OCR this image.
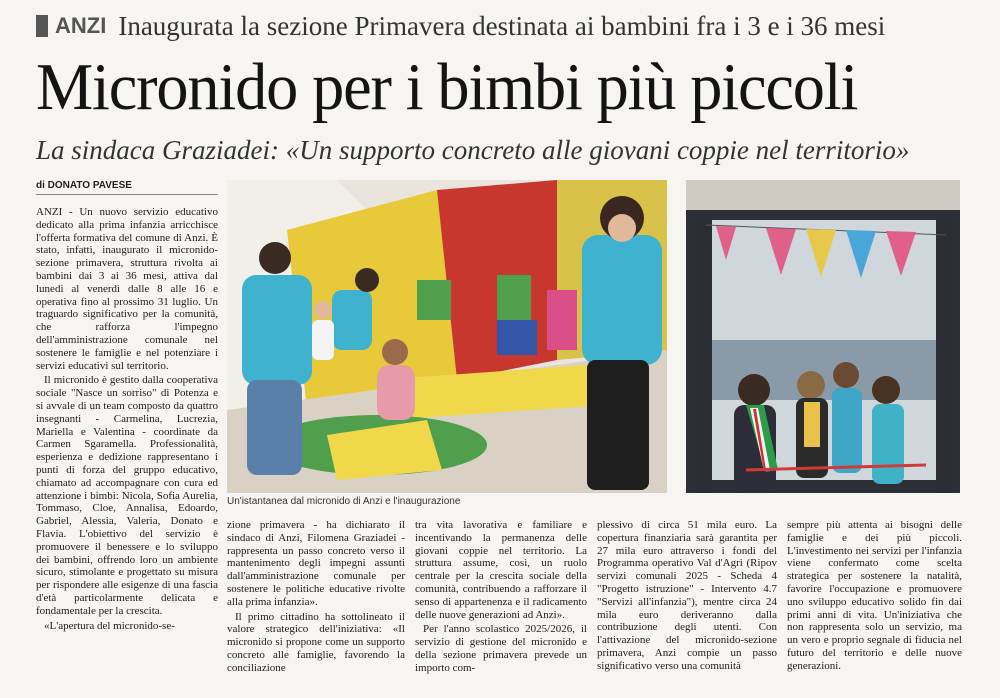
ANZI Inaugurata la sezione Primavera destinata ai bambini fra i 3 e i 36 mesi
Micronido per i bimbi più piccoli
La sindaca Graziadei: «Un supporto concreto alle giovani coppie nel territorio»
di DONATO PAVESE

ANZI - Un nuovo servizio educativo dedicato alla prima infanzia arricchisce l'offerta formativa del comune di Anzi. È stato, infatti, inaugurato il micronido-sezione primavera, struttura rivolta ai bambini dai 3 ai 36 mesi, attiva dal lunedì al venerdì dalle 8 alle 16 e operativa fino al prossimo 31 luglio. Un traguardo significativo per la comunità, che rafforza l'impegno dell'amministrazione comunale nel sostenere le famiglie e nel potenziare i servizi educativi sul territorio.

Il micronido è gestito dalla cooperativa sociale "Nasce un sorriso" di Potenza e si avvale di un team composto da quattro insegnanti - Carmelina, Lucrezia, Mariella e Valentina - coordinate da Carmen Sgaramella. Professionalità, esperienza e dedizione rappresentano i punti di forza del gruppo educativo, chiamato ad accompagnare con cura ed attenzione i bimbi: Nicola, Sofia Aurelia, Tommaso, Cloe, Annalisa, Edoardo, Gabriel, Alessia, Valeria, Donato e Flavia. L'obiettivo del servizio è promuovere il benessere e lo sviluppo dei bambini, offrendo loro un ambiente sicuro, stimolante e progettato su misura per rispondere alle esigenze di una fascia d'età particolarmente delicata e fondamentale per la crescita.

«L'apertura del micronido-se-

Un'istantanea dal micronido di Anzi e l'inaugurazione

zione primavera - ha dichiarato il sindaco di Anzi, Filomena Graziadei - rappresenta un passo concreto verso il mantenimento degli impegni assunti dall'amministrazione comunale per sostenere le politiche educative rivolte alla prima infanzia».

Il primo cittadino ha sottolineato il valore strategico dell'iniziativa: «Il micronido si propone come un supporto concreto alle famiglie, favorendo la conciliazione

tra vita lavorativa e familiare e incentivando la permanenza delle giovani coppie nel territorio. La struttura assume, così, un ruolo centrale per la crescita sociale della comunità, contribuendo a rafforzare il senso di appartenenza e il radicamento delle nuove generazioni ad Anzi».

Per l'anno scolastico 2025/2026, il servizio di gestione del micronido e della sezione primavera prevede un importo com-

plessivo di circa 51 mila euro. La copertura finanziaria sarà garantita per 27 mila euro attraverso i fondi del Programma operativo Val d'Agri (Ripov servizi comunali 2025 - Scheda 4 "Progetto istruzione" - Intervento 4.7 "Servizi all'infanzia"), mentre circa 24 mila euro deriveranno dalla contribuzione degli utenti. Con l'attivazione del micronido-sezione primavera, Anzi compie un passo significativo verso una comunità

sempre più attenta ai bisogni delle famiglie e dei più piccoli. L'investimento nei servizi per l'infanzia viene confermato come scelta strategica per sostenere la natalità, favorire l'occupazione e promuovere uno sviluppo educativo solido fin dai primi anni di vita. Un'iniziativa che non rappresenta solo un servizio, ma un vero e proprio segnale di fiducia nel futuro del territorio e delle nuove generazioni.
